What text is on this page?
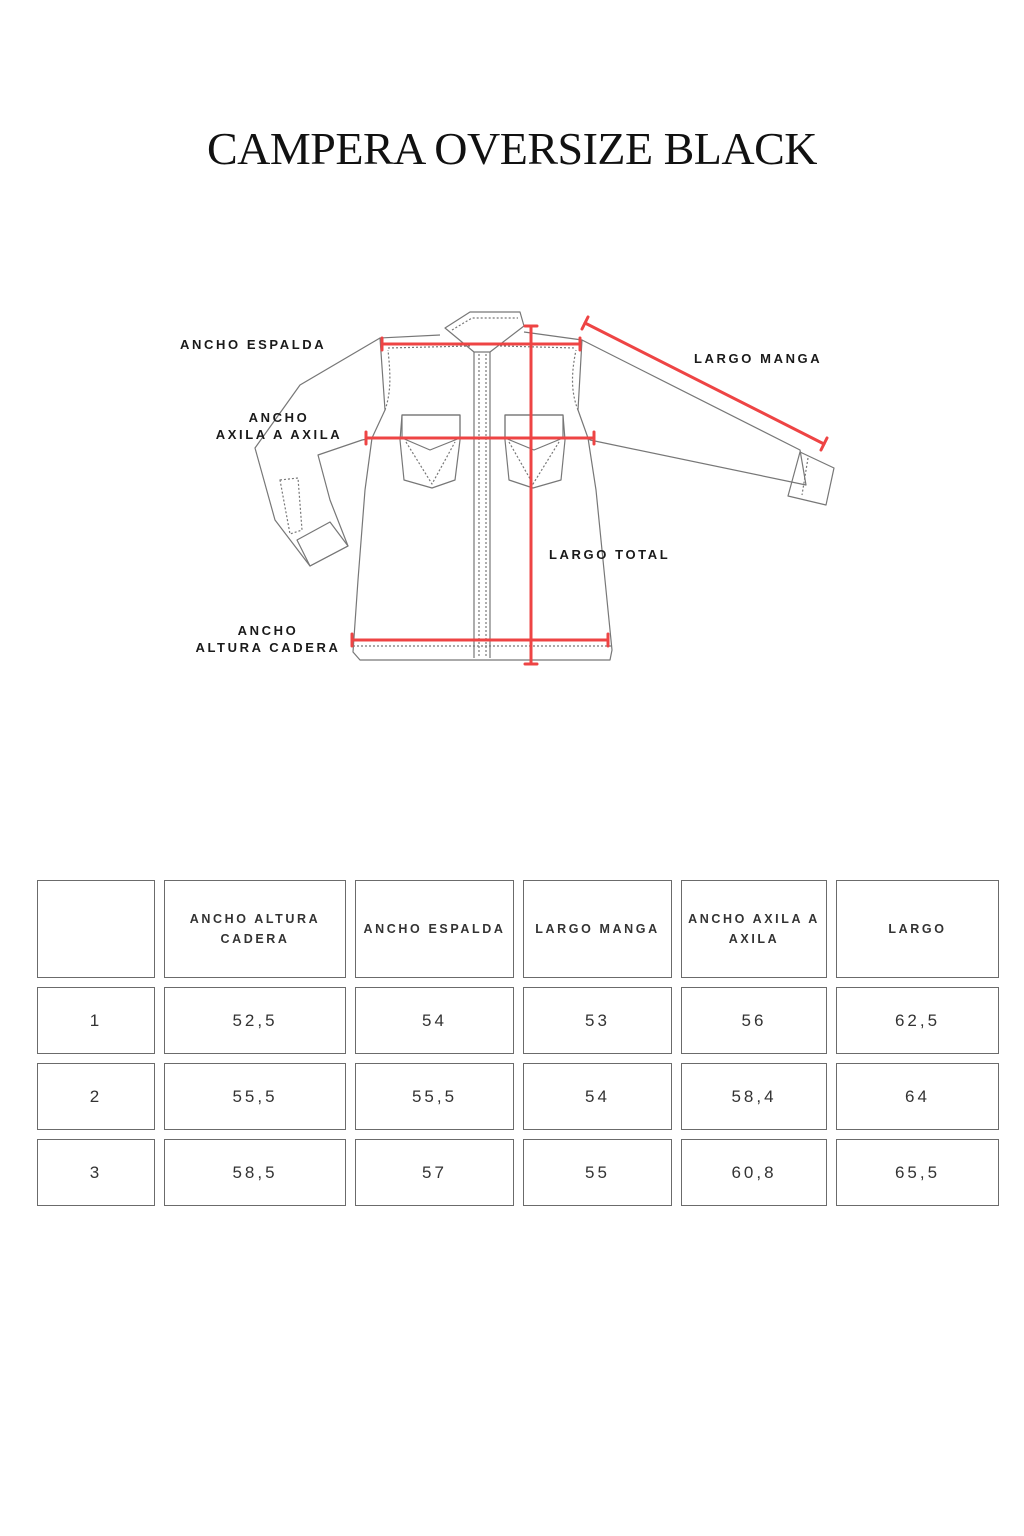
CAMPERA OVERSIZE BLACK
ANCHO ESPALDA
ANCHO
AXILA A AXILA
LARGO MANGA
LARGO TOTAL
ANCHO
ALTURA CADERA
	ANCHO ALTURA CADERA	ANCHO ESPALDA	LARGO MANGA	ANCHO AXILA A AXILA	LARGO
1	52,5	54	53	56	62,5
2	55,5	55,5	54	58,4	64
3	58,5	57	55	60,8	65,5
